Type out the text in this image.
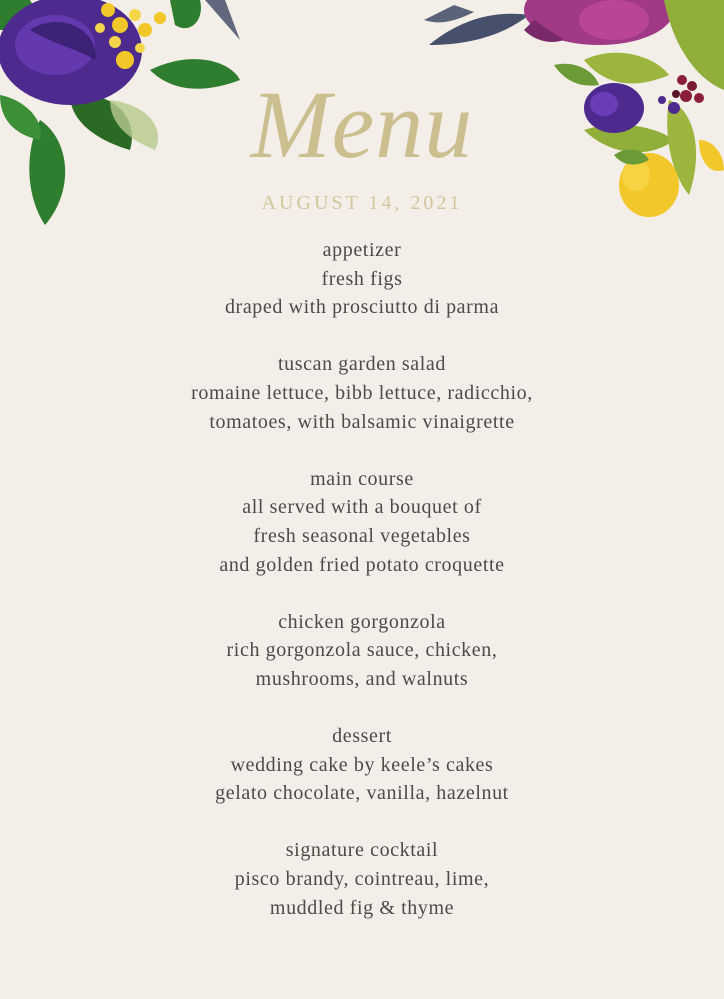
Menu
AUGUST 14, 2021
appetizer
fresh figs
draped with prosciutto di parma
tuscan garden salad
romaine lettuce, bibb lettuce, radicchio,
tomatoes, with balsamic vinaigrette
main course
all served with a bouquet of
fresh seasonal vegetables
and golden fried potato croquette
chicken gorgonzola
rich gorgonzola sauce, chicken,
mushrooms, and walnuts
dessert
wedding cake by keele’s cakes
gelato chocolate, vanilla, hazelnut
signature cocktail
pisco brandy, cointreau, lime,
muddled fig & thyme
